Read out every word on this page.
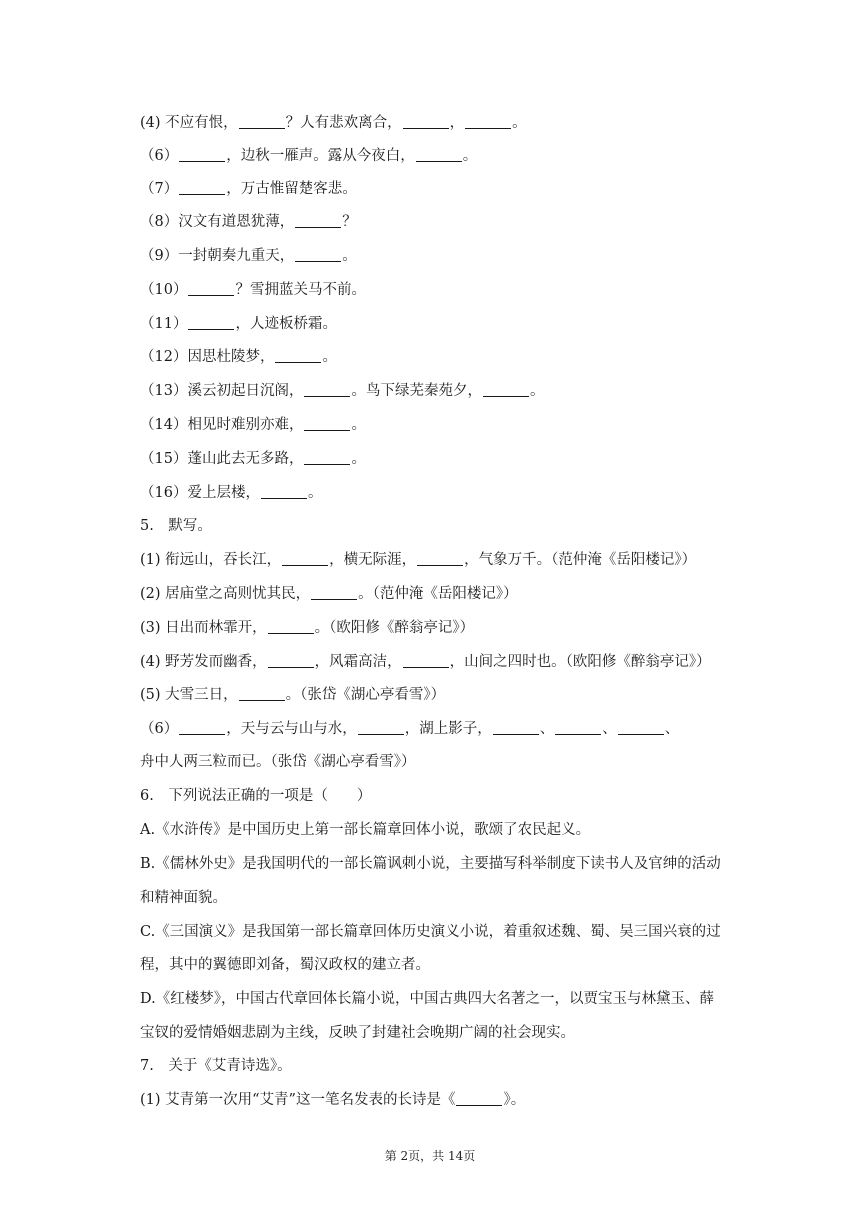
(4) 不应有恨，	？人有悲欢离合，	，	。
（6）	，边秋一雁声。露从今夜白，	。
（7）	，万古惟留楚客悲。
（8）汉文有道恩犹薄，	？
（9）一封朝奏九重天，	。
（10）	？雪拥蓝关马不前。
（11）	，人迹板桥霜。
（12）因思杜陵梦，	。
（13）溪云初起日沉阁，	。鸟下绿芜秦苑夕，	。
（14）相见时难别亦难，	。
（15）蓬山此去无多路，	。
（16）爱上层楼，	。
5.　默写。
(1) 衔远山，吞长江，	，横无际涯，	，气象万千。（范仲淹《岳阳楼记》）
(2) 居庙堂之高则忧其民，	。（范仲淹《岳阳楼记》）
(3) 日出而林霏开，	。（欧阳修《醉翁亭记》）
(4) 野芳发而幽香，	，风霜高洁，	，山间之四时也。（欧阳修《醉翁亭记》）
(5) 大雪三日，	。（张岱《湖心亭看雪》）
（6）	，天与云与山与水，	，湖上影子，	、	、	、
舟中人两三粒而已。（张岱《湖心亭看雪》）
6.　下列说法正确的一项是（　　）
A.《水浒传》是中国历史上第一部长篇章回体小说，歌颂了农民起义。
B.《儒林外史》是我国明代的一部长篇讽刺小说，主要描写科举制度下读书人及官绅的活动
和精神面貌。
C.《三国演义》是我国第一部长篇章回体历史演义小说，着重叙述魏、蜀、吴三国兴衰的过
程，其中的翼德即刘备，蜀汉政权的建立者。
D.《红楼梦》，中国古代章回体长篇小说，中国古典四大名著之一，以贾宝玉与林黛玉、薛
宝钗的爱情婚姻悲剧为主线，反映了封建社会晚期广阔的社会现实。
7.　关于《艾青诗选》。
(1) 艾青第一次用“艾青”这一笔名发表的长诗是《	》。
第 2页，共 14页
